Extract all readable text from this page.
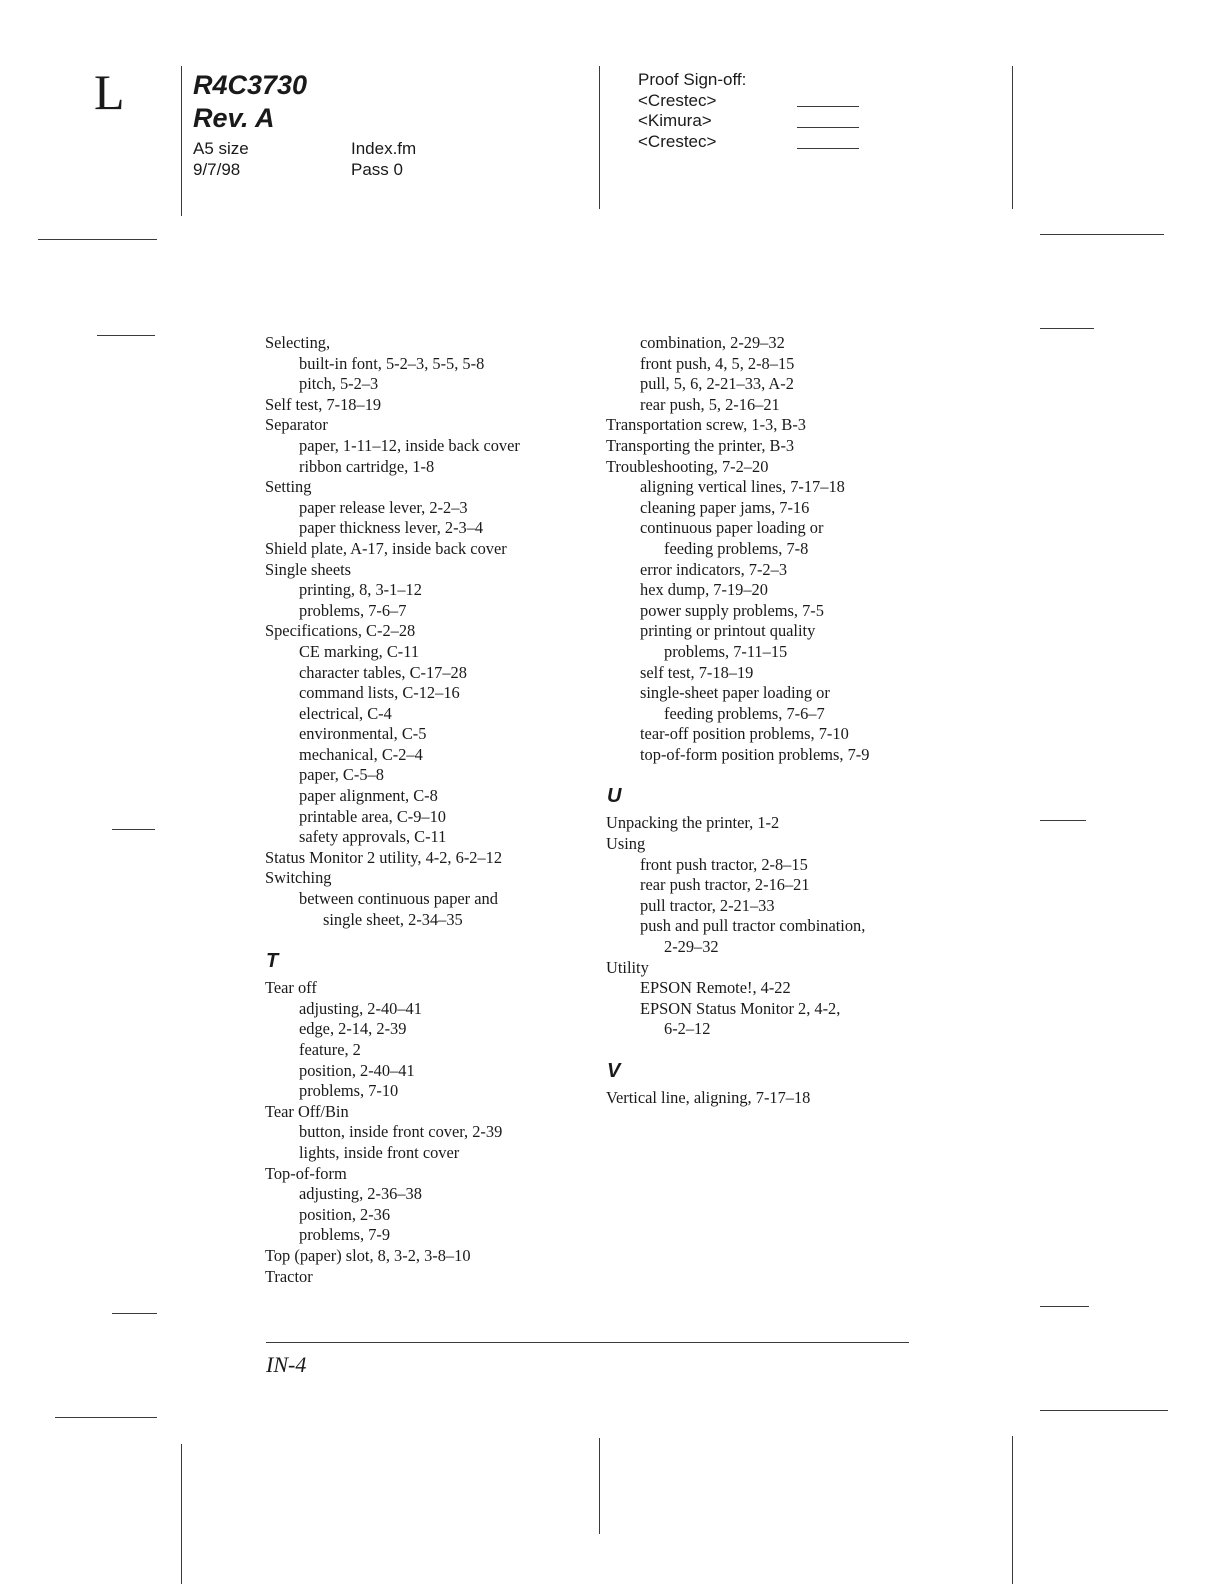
L	R4C3730
Rev. A
A5 size
9/7/98
Index.fm
Pass 0
Proof Sign-off:
<Crestec>
<Kimura>
<Crestec>
Selecting,
built-in font, 5-2–3, 5-5, 5-8
pitch, 5-2–3
Self test, 7-18–19
Separator
paper, 1-11–12, inside back cover
ribbon cartridge, 1-8
Setting
paper release lever, 2-2–3
paper thickness lever, 2-3–4
Shield plate, A-17, inside back cover
Single sheets
printing, 8, 3-1–12
problems, 7-6–7
Specifications, C-2–28
CE marking, C-11
character tables, C-17–28
command lists, C-12–16
electrical, C-4
environmental, C-5
mechanical, C-2–4
paper, C-5–8
paper alignment, C-8
printable area, C-9–10
safety approvals, C-11
Status Monitor 2 utility, 4-2, 6-2–12
Switching
between continuous paper and
single sheet, 2-34–35
T
Tear off
adjusting, 2-40–41
edge, 2-14, 2-39
feature, 2
position, 2-40–41
problems, 7-10
Tear Off/Bin
button, inside front cover, 2-39
lights, inside front cover
Top-of-form
adjusting, 2-36–38
position, 2-36
problems, 7-9
Top (paper) slot, 8, 3-2, 3-8–10
Tractor
combination, 2-29–32
front push, 4, 5, 2-8–15
pull, 5, 6, 2-21–33, A-2
rear push, 5, 2-16–21
Transportation screw, 1-3, B-3
Transporting the printer, B-3
Troubleshooting, 7-2–20
aligning vertical lines, 7-17–18
cleaning paper jams, 7-16
continuous paper loading or
feeding problems, 7-8
error indicators, 7-2–3
hex dump, 7-19–20
power supply problems, 7-5
printing or printout quality
problems, 7-11–15
self test, 7-18–19
single-sheet paper loading or
feeding problems, 7-6–7
tear-off position problems, 7-10
top-of-form position problems, 7-9
U
Unpacking the printer, 1-2
Using
front push tractor, 2-8–15
rear push tractor, 2-16–21
pull tractor, 2-21–33
push and pull tractor combination,
2-29–32
Utility
EPSON Remote!, 4-22
EPSON Status Monitor 2, 4-2,
6-2–12
V
Vertical line, aligning, 7-17–18
IN-4
